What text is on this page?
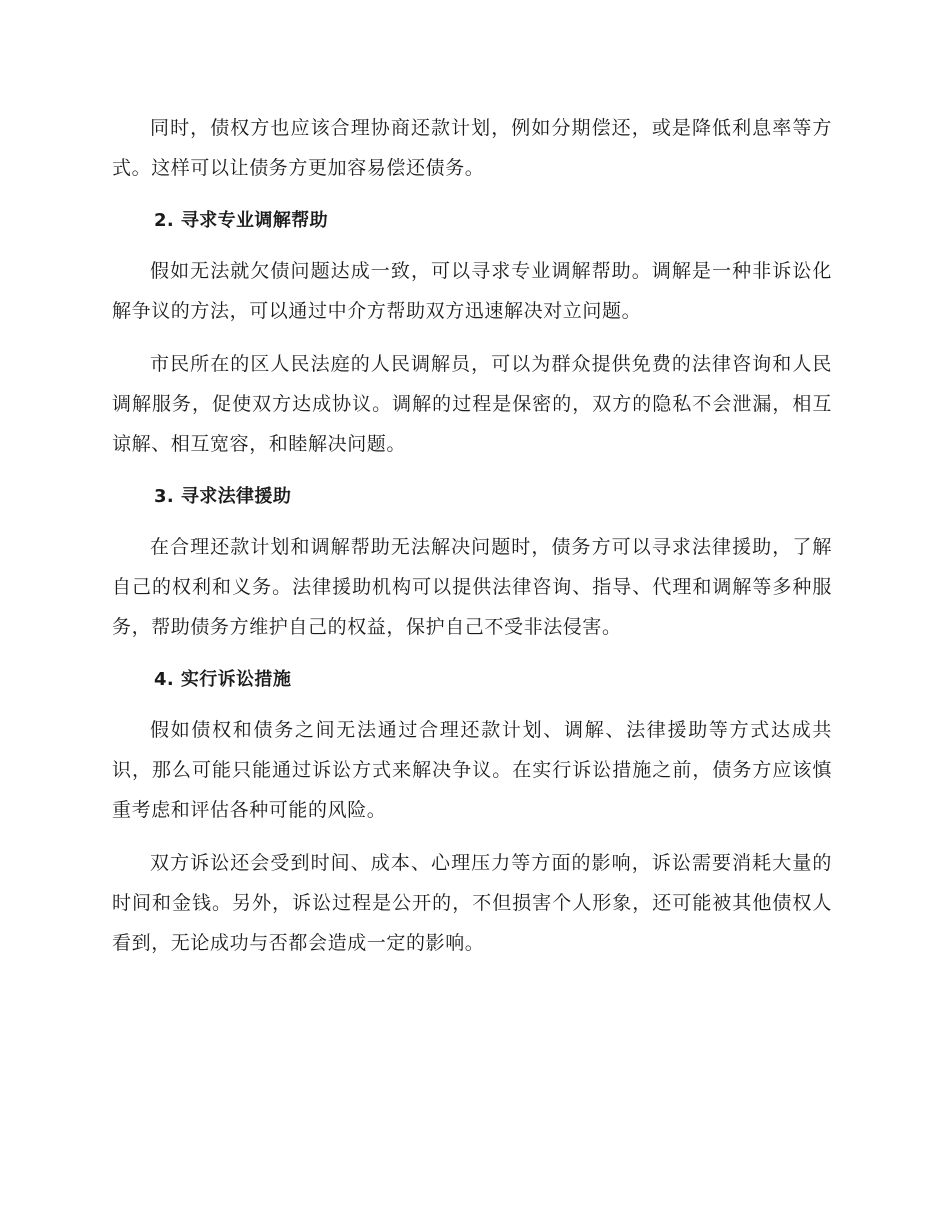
同时，债权方也应该合理协商还款计划，例如分期偿还，或是降低利息率等方式。这样可以让债务方更加容易偿还债务。

2. 寻求专业调解帮助

假如无法就欠债问题达成一致，可以寻求专业调解帮助。调解是一种非诉讼化解争议的方法，可以通过中介方帮助双方迅速解决对立问题。

市民所在的区人民法庭的人民调解员，可以为群众提供免费的法律咨询和人民调解服务，促使双方达成协议。调解的过程是保密的，双方的隐私不会泄漏，相互谅解、相互宽容，和睦解决问题。

3. 寻求法律援助

在合理还款计划和调解帮助无法解决问题时，债务方可以寻求法律援助，了解自己的权利和义务。法律援助机构可以提供法律咨询、指导、代理和调解等多种服务，帮助债务方维护自己的权益，保护自己不受非法侵害。

4. 实行诉讼措施

假如债权和债务之间无法通过合理还款计划、调解、法律援助等方式达成共识，那么可能只能通过诉讼方式来解决争议。在实行诉讼措施之前，债务方应该慎重考虑和评估各种可能的风险。

双方诉讼还会受到时间、成本、心理压力等方面的影响，诉讼需要消耗大量的时间和金钱。另外，诉讼过程是公开的，不但损害个人形象，还可能被其他债权人看到，无论成功与否都会造成一定的影响。
